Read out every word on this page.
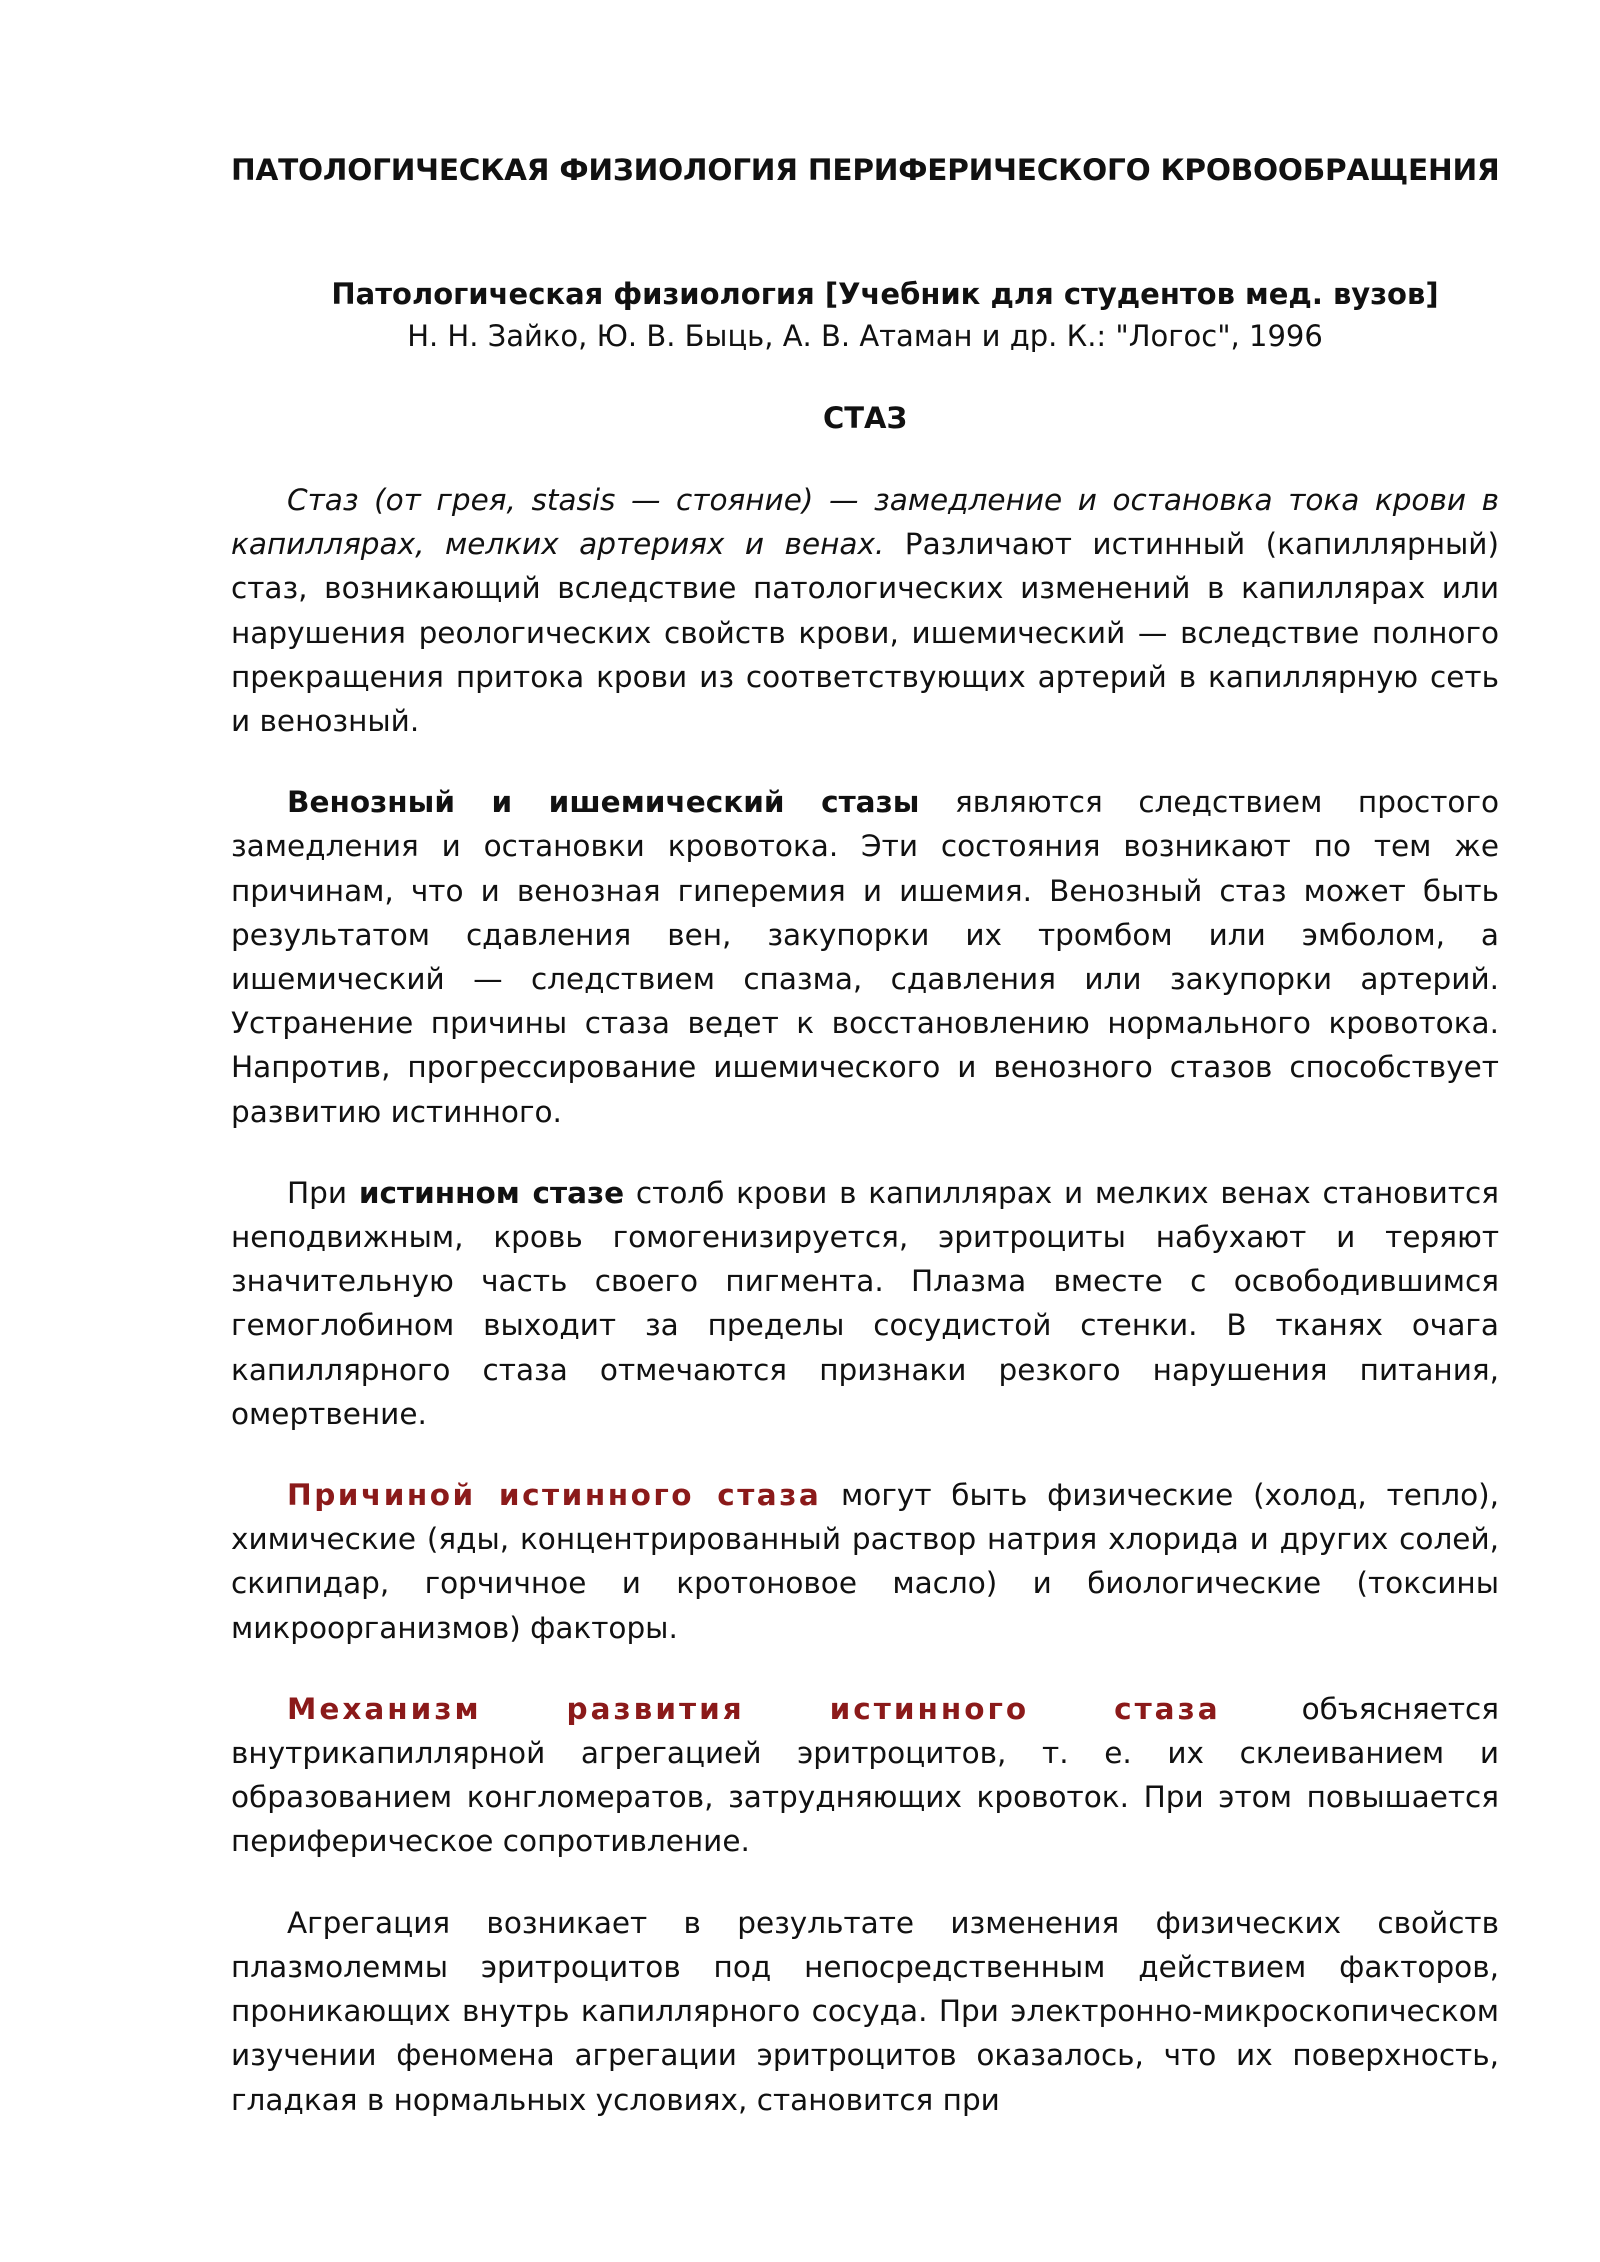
ПАТОЛОГИЧЕСКАЯ ФИЗИОЛОГИЯ ПЕРИФЕРИЧЕСКОГО КРОВООБРАЩЕНИЯ
Патологическая физиология [Учебник для студентов мед. вузов]
Н. Н. Зайко, Ю. В. Быць, А. В. Атаман и др. К.: "Логос", 1996
СТАЗ

Стаз (от грея, stasis — стояние) — замедление и остановка тока крови в капиллярах, мелких артериях и венах. Различают истинный (капиллярный) стаз, возникающий вследствие патологических изменений в капиллярах или нарушения реологических свойств крови, ишемический — вследствие полного прекращения притока крови из соответствующих артерий в капиллярную сеть и венозный.

Венозный и ишемический стазы являются следствием простого замедления и остановки кровотока. Эти состояния возникают по тем же причинам, что и венозная гиперемия и ишемия. Венозный стаз может быть результатом сдавления вен, закупорки их тромбом или эмболом, а ишемический — следствием спазма, сдавления или закупорки артерий. Устранение причины стаза ведет к восстановлению нормального кровотока. Напротив, прогрессирование ишемического и венозного стазов способствует развитию истинного.

При истинном стазе столб крови в капиллярах и мелких венах становится неподвижным, кровь гомогенизируется, эритроциты набухают и теряют значительную часть своего пигмента. Плазма вместе с освободившимся гемоглобином выходит за пределы сосудистой стенки. В тканях очага капиллярного стаза отмечаются признаки резкого нарушения питания, омертвение.

Причиной истинного стаза могут быть физические (холод, тепло), химические (яды, концентрированный раствор натрия хлорида и других солей, скипидар, горчичное и кротоновое масло) и биологические (токсины микроорганизмов) факторы.

Механизм развития истинного стаза объясняется внутрикапиллярной агрегацией эритроцитов, т. е. их склеиванием и образованием конгломератов, затрудняющих кровоток. При этом повышается периферическое сопротивление.

Агрегация возникает в результате изменения физических свойств плазмолеммы эритроцитов под непосредственным действием факторов, проникающих внутрь капиллярного сосуда. При электронно-микроскопическом изучении феномена агрегации эритроцитов оказалось, что их поверхность, гладкая в нормальных условиях, становится при
